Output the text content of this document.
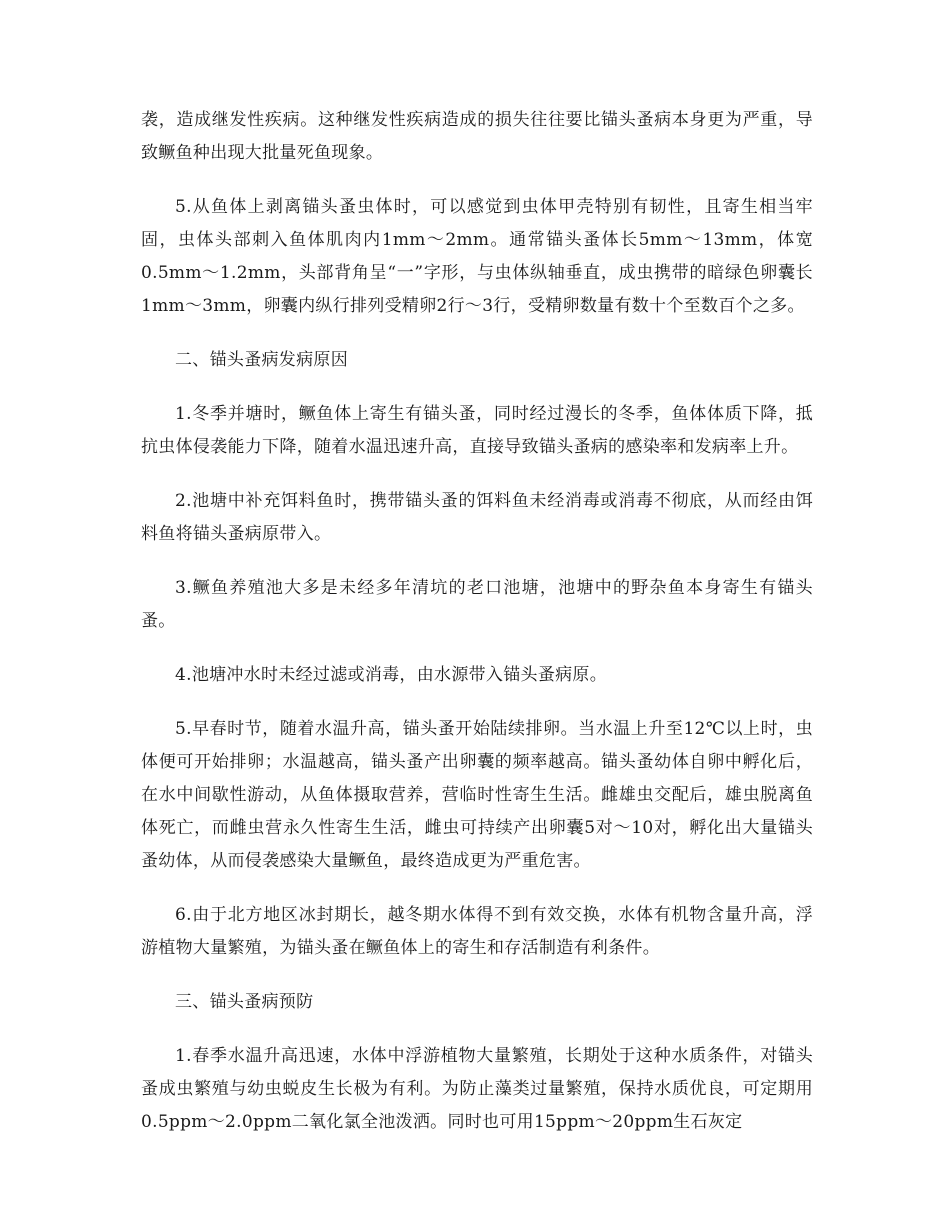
袭，造成继发性疾病。这种继发性疾病造成的损失往往要比锚头蚤病本身更为严重，导致鳜鱼种出现大批量死鱼现象。

5.从鱼体上剥离锚头蚤虫体时，可以感觉到虫体甲壳特别有韧性，且寄生相当牢固，虫体头部刺入鱼体肌肉内1mm～2mm。通常锚头蚤体长5mm～13mm，体宽0.5mm～1.2mm，头部背角呈“一”字形，与虫体纵轴垂直，成虫携带的暗绿色卵囊长1mm～3mm，卵囊内纵行排列受精卵2行～3行，受精卵数量有数十个至数百个之多。

二、锚头蚤病发病原因

1.冬季并塘时，鳜鱼体上寄生有锚头蚤，同时经过漫长的冬季，鱼体体质下降，抵抗虫体侵袭能力下降，随着水温迅速升高，直接导致锚头蚤病的感染率和发病率上升。

2.池塘中补充饵料鱼时，携带锚头蚤的饵料鱼未经消毒或消毒不彻底，从而经由饵料鱼将锚头蚤病原带入。

3.鳜鱼养殖池大多是未经多年清坑的老口池塘，池塘中的野杂鱼本身寄生有锚头蚤。

4.池塘冲水时未经过滤或消毒，由水源带入锚头蚤病原。

5.早春时节，随着水温升高，锚头蚤开始陆续排卵。当水温上升至12℃以上时，虫体便可开始排卵；水温越高，锚头蚤产出卵囊的频率越高。锚头蚤幼体自卵中孵化后，在水中间歇性游动，从鱼体摄取营养，营临时性寄生生活。雌雄虫交配后，雄虫脱离鱼体死亡，而雌虫营永久性寄生生活，雌虫可持续产出卵囊5对～10对，孵化出大量锚头蚤幼体，从而侵袭感染大量鳜鱼，最终造成更为严重危害。

6.由于北方地区冰封期长，越冬期水体得不到有效交换，水体有机物含量升高，浮游植物大量繁殖，为锚头蚤在鳜鱼体上的寄生和存活制造有利条件。

三、锚头蚤病预防

1.春季水温升高迅速，水体中浮游植物大量繁殖，长期处于这种水质条件，对锚头蚤成虫繁殖与幼虫蜕皮生长极为有利。为防止藻类过量繁殖，保持水质优良，可定期用0.5ppm～2.0ppm二氧化氯全池泼洒。同时也可用15ppm～20ppm生石灰定
